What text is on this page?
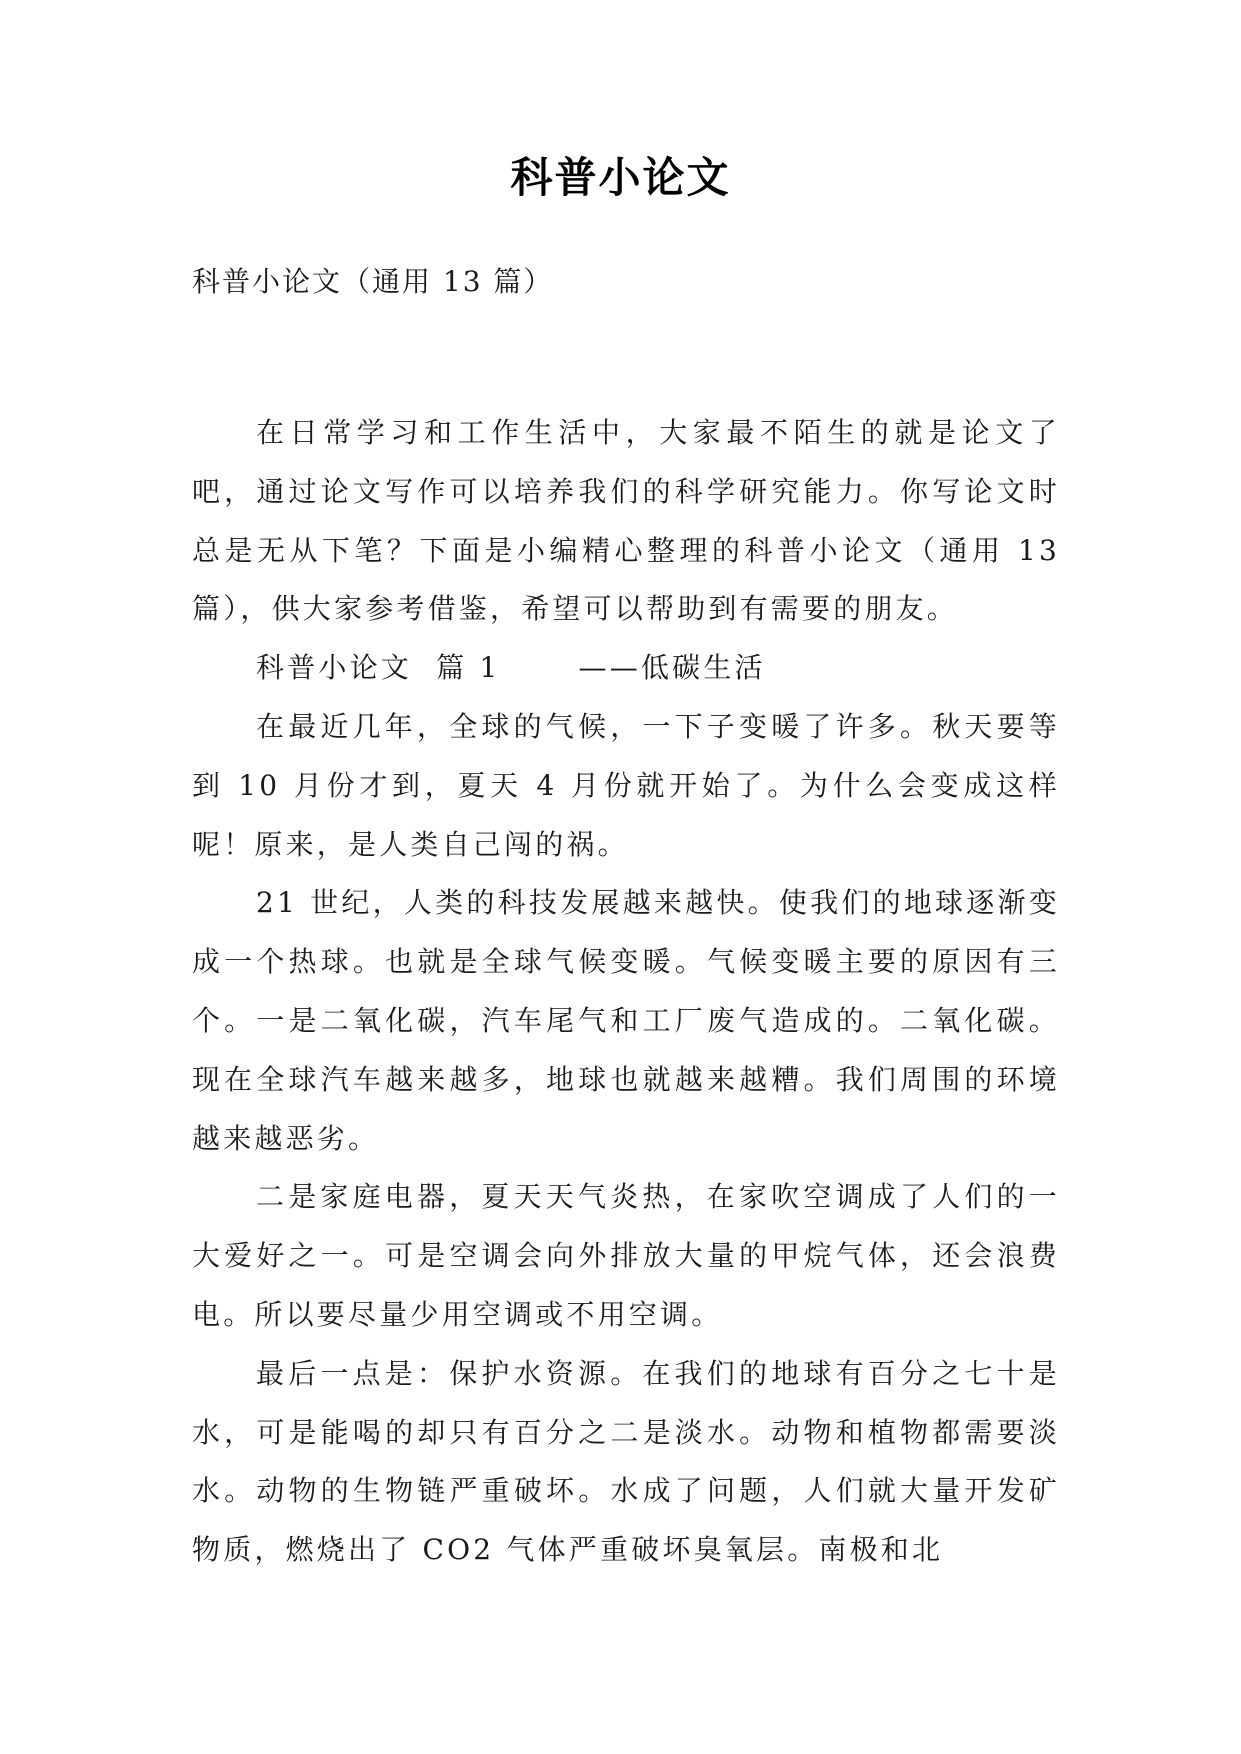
科普小论文

科普小论文（通用 13 篇）

在日常学习和工作生活中，大家最不陌生的就是论文了吧，通过论文写作可以培养我们的科学研究能力。你写论文时总是无从下笔？下面是小编精心整理的科普小论文（通用 13 篇），供大家参考借鉴，希望可以帮助到有需要的朋友。

科普小论文  篇 1	——低碳生活

在最近几年，全球的气候，一下子变暖了许多。秋天要等到 10 月份才到，夏天 4 月份就开始了。为什么会变成这样呢！原来，是人类自己闯的祸。

21 世纪，人类的科技发展越来越快。使我们的地球逐渐变成一个热球。也就是全球气候变暖。气候变暖主要的原因有三个。一是二氧化碳，汽车尾气和工厂废气造成的。二氧化碳。现在全球汽车越来越多，地球也就越来越糟。我们周围的环境越来越恶劣。

二是家庭电器，夏天天气炎热，在家吹空调成了人们的一大爱好之一。可是空调会向外排放大量的甲烷气体，还会浪费电。所以要尽量少用空调或不用空调。

最后一点是：保护水资源。在我们的地球有百分之七十是水，可是能喝的却只有百分之二是淡水。动物和植物都需要淡水。动物的生物链严重破坏。水成了问题，人们就大量开发矿物质，燃烧出了 CO2 气体严重破坏臭氧层。南极和北
